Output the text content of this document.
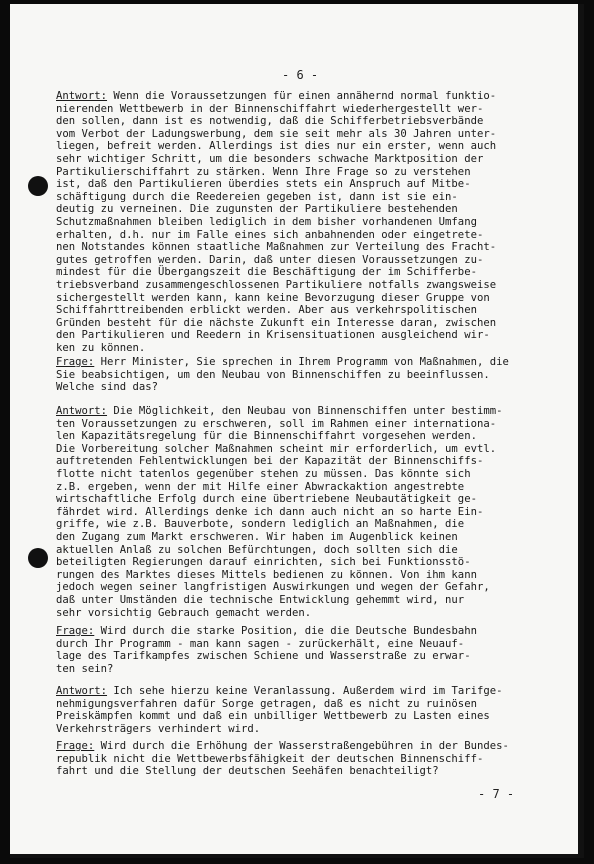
- 6 -
Antwort: Wenn die Voraussetzungen für einen annähernd normal funktio-
nierenden Wettbewerb in der Binnenschiffahrt wiederhergestellt wer-
den sollen, dann ist es notwendig, daß die Schifferbetriebsverbände
vom Verbot der Ladungswerbung, dem sie seit mehr als 30 Jahren unter-
liegen, befreit werden. Allerdings ist dies nur ein erster, wenn auch
sehr wichtiger Schritt, um die besonders schwache Marktposition der
Partikulierschiffahrt zu stärken. Wenn Ihre Frage so zu verstehen
ist, daß den Partikulieren überdies stets ein Anspruch auf Mitbe-
schäftigung durch die Reedereien gegeben ist, dann ist sie ein-
deutig zu verneinen. Die zugunsten der Partikuliere bestehenden
Schutzmaßnahmen bleiben lediglich in dem bisher vorhandenen Umfang
erhalten, d.h. nur im Falle eines sich anbahnenden oder eingetrete-
nen Notstandes können staatliche Maßnahmen zur Verteilung des Fracht-
gutes getroffen werden. Darin, daß unter diesen Voraussetzungen zu-
mindest für die Übergangszeit die Beschäftigung der im Schifferbe-
triebsverband zusammengeschlossenen Partikuliere notfalls zwangsweise
sichergestellt werden kann, kann keine Bevorzugung dieser Gruppe von
Schiffahrttreibenden erblickt werden. Aber aus verkehrspolitischen
Gründen besteht für die nächste Zukunft ein Interesse daran, zwischen
den Partikulieren und Reedern in Krisensituationen ausgleichend wir-
ken zu können.
Frage: Herr Minister, Sie sprechen in Ihrem Programm von Maßnahmen, die
Sie beabsichtigen, um den Neubau von Binnenschiffen zu beeinflussen.
Welche sind das?
Antwort: Die Möglichkeit, den Neubau von Binnenschiffen unter bestimm-
ten Voraussetzungen zu erschweren, soll im Rahmen einer internationa-
len Kapazitätsregelung für die Binnenschiffahrt vorgesehen werden.
Die Vorbereitung solcher Maßnahmen scheint mir erforderlich, um evtl.
auftretenden Fehlentwicklungen bei der Kapazität der Binnenschiffs-
flotte nicht tatenlos gegenüber stehen zu müssen. Das könnte sich
z.B. ergeben, wenn der mit Hilfe einer Abwrackaktion angestrebte
wirtschaftliche Erfolg durch eine übertriebene Neubautätigkeit ge-
fährdet wird. Allerdings denke ich dann auch nicht an so harte Ein-
griffe, wie z.B. Bauverbote, sondern lediglich an Maßnahmen, die
den Zugang zum Markt erschweren. Wir haben im Augenblick keinen
aktuellen Anlaß zu solchen Befürchtungen, doch sollten sich die
beteiligten Regierungen darauf einrichten, sich bei Funktionsstö-
rungen des Marktes dieses Mittels bedienen zu können. Von ihm kann
jedoch wegen seiner langfristigen Auswirkungen und wegen der Gefahr,
daß unter Umständen die technische Entwicklung gehemmt wird, nur
sehr vorsichtig Gebrauch gemacht werden.
Frage: Wird durch die starke Position, die die Deutsche Bundesbahn
durch Ihr Programm - man kann sagen - zurückerhält, eine Neuauf-
lage des Tarifkampfes zwischen Schiene und Wasserstraße zu erwar-
ten sein?
Antwort: Ich sehe hierzu keine Veranlassung. Außerdem wird im Tarifge-
nehmigungsverfahren dafür Sorge getragen, daß es nicht zu ruinösen
Preiskämpfen kommt und daß ein unbilliger Wettbewerb zu Lasten eines
Verkehrsträgers verhindert wird.
Frage: Wird durch die Erhöhung der Wasserstraßengebühren in der Bundes-
republik nicht die Wettbewerbsfähigkeit der deutschen Binnenschiff-
fahrt und die Stellung der deutschen Seehäfen benachteiligt?
- 7 -
